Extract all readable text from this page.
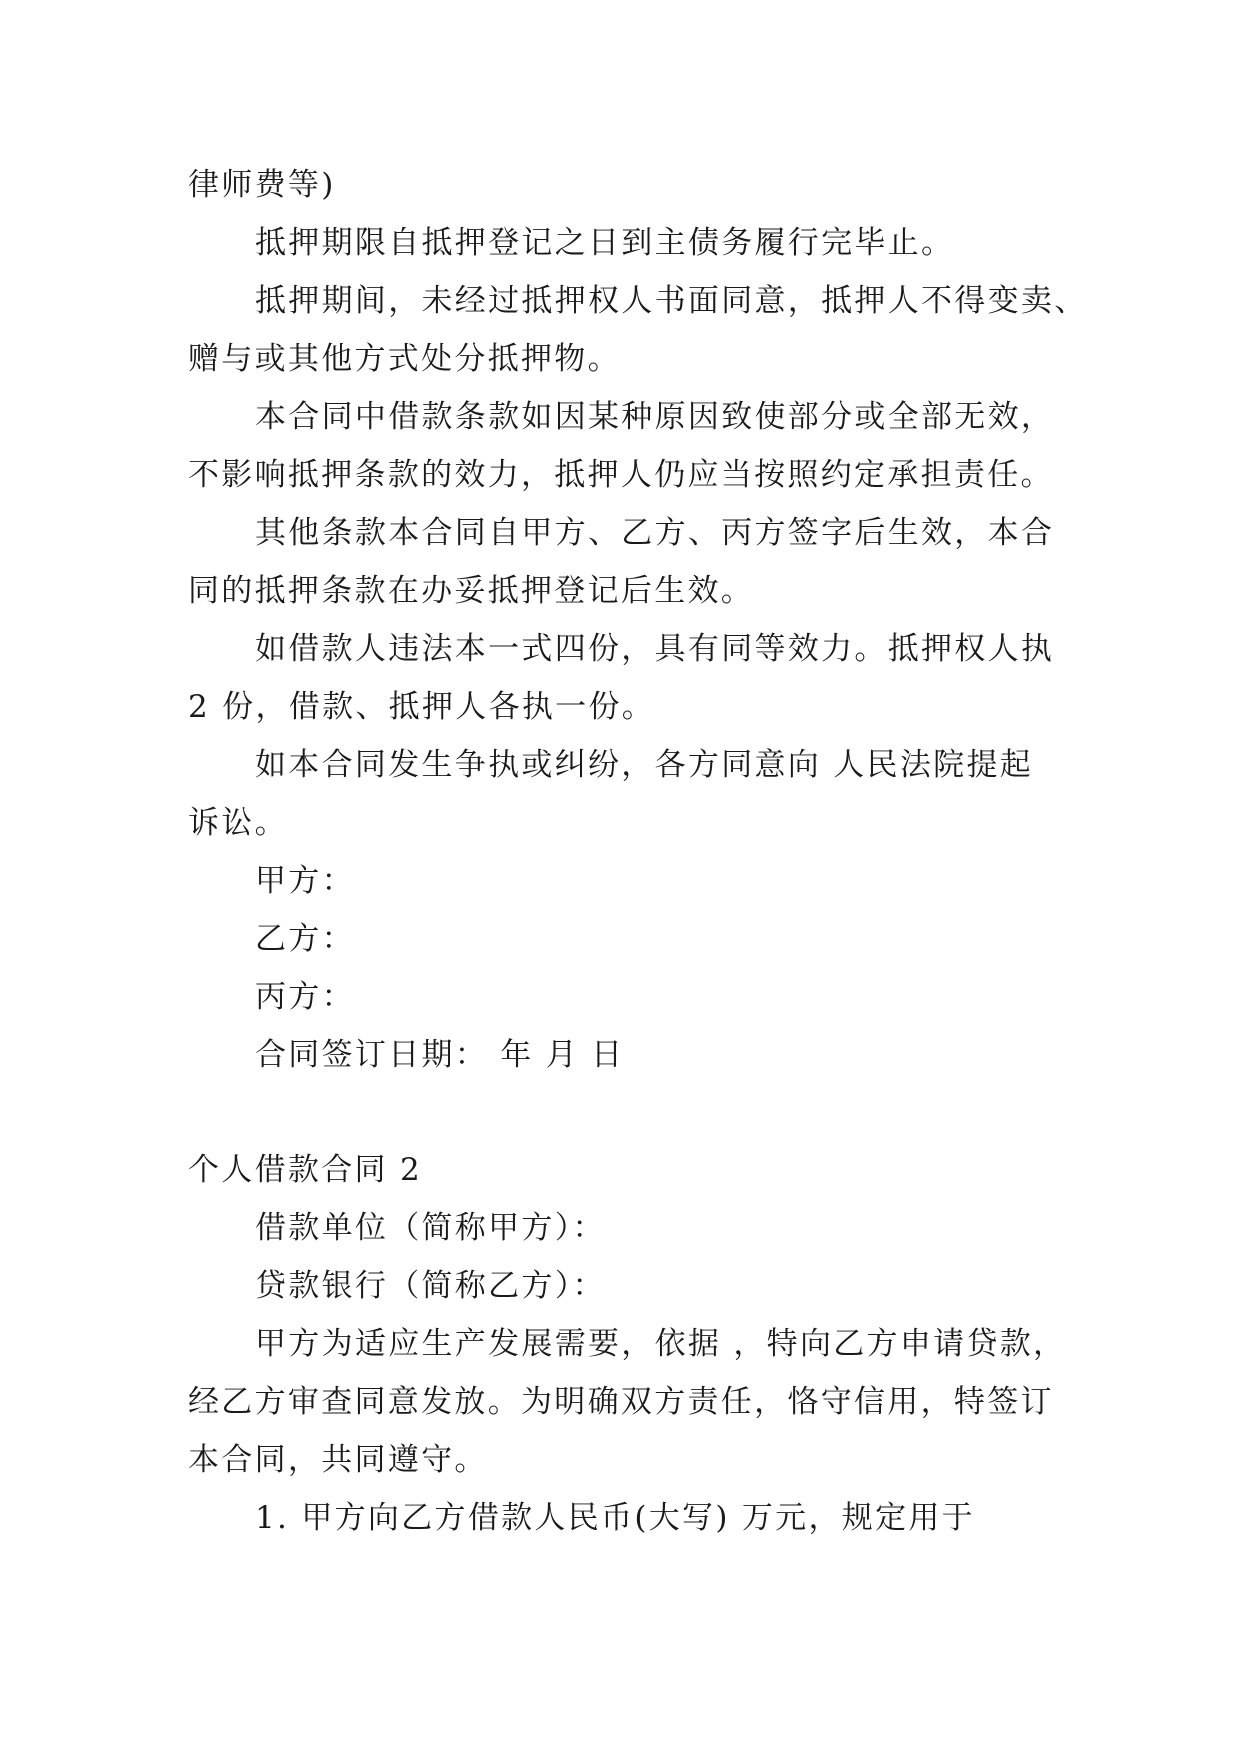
律师费等)
抵押期限自抵押登记之日到主债务履行完毕止。
抵押期间，未经过抵押权人书面同意，抵押人不得变卖、
赠与或其他方式处分抵押物。
本合同中借款条款如因某种原因致使部分或全部无效，
不影响抵押条款的效力，抵押人仍应当按照约定承担责任。
其他条款本合同自甲方、乙方、丙方签字后生效，本合
同的抵押条款在办妥抵押登记后生效。
如借款人违法本一式四份，具有同等效力。抵押权人执
2 份，借款、抵押人各执一份。
如本合同发生争执或纠纷，各方同意向 人民法院提起
诉讼。
甲方：
乙方：
丙方：
合同签订日期： 年 月 日
个人借款合同 2
借款单位（简称甲方）：
贷款银行（简称乙方）：
甲方为适应生产发展需要，依据 ，特向乙方申请贷款，
经乙方审查同意发放。为明确双方责任，恪守信用，特签订
本合同，共同遵守。
1. 甲方向乙方借款人民币(大写) 万元，规定用于
